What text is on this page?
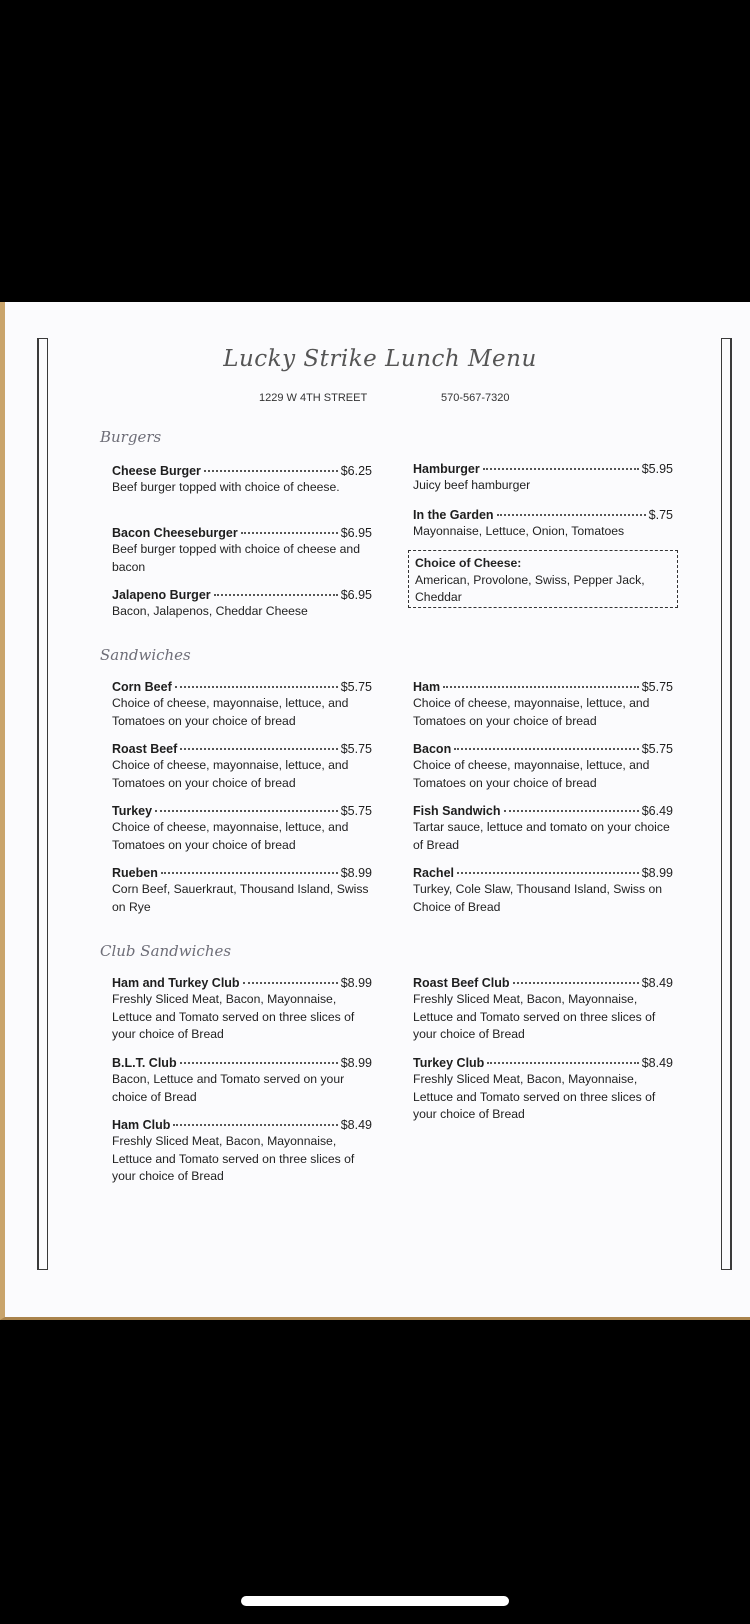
Lucky Strike Lunch Menu
1229 W 4TH STREET	570-567-7320
Burgers
Cheese Burger	$6.25
Beef burger topped with choice of cheese.
Bacon Cheeseburger	$6.95
Beef burger topped with choice of cheese and bacon
Jalapeno Burger	$6.95
Bacon, Jalapenos, Cheddar Cheese
Hamburger	$5.95
Juicy beef hamburger
In the Garden	$.75
Mayonnaise, Lettuce, Onion, Tomatoes
Choice of Cheese:
American, Provolone, Swiss, Pepper Jack, Cheddar
Sandwiches
Corn Beef	$5.75
Choice of cheese, mayonnaise, lettuce, and Tomatoes on your choice of bread
Roast Beef	$5.75
Choice of cheese, mayonnaise, lettuce, and Tomatoes on your choice of bread
Turkey	$5.75
Choice of cheese, mayonnaise, lettuce, and Tomatoes on your choice of bread
Rueben	$8.99
Corn Beef, Sauerkraut, Thousand Island, Swiss on Rye
Ham	$5.75
Choice of cheese, mayonnaise, lettuce, and Tomatoes on your choice of bread
Bacon	$5.75
Choice of cheese, mayonnaise, lettuce, and Tomatoes on your choice of bread
Fish Sandwich	$6.49
Tartar sauce, lettuce and tomato on your choice of Bread
Rachel	$8.99
Turkey, Cole Slaw, Thousand Island, Swiss on Choice of Bread
Club Sandwiches
Ham and Turkey Club	$8.99
Freshly Sliced Meat, Bacon, Mayonnaise, Lettuce and Tomato served on three slices of your choice of Bread
B.L.T. Club	$8.99
Bacon, Lettuce and Tomato served on your choice of Bread
Ham Club	$8.49
Freshly Sliced Meat, Bacon, Mayonnaise, Lettuce and Tomato served on three slices of your choice of Bread
Roast Beef Club	$8.49
Freshly Sliced Meat, Bacon, Mayonnaise, Lettuce and Tomato served on three slices of your choice of Bread
Turkey Club	$8.49
Freshly Sliced Meat, Bacon, Mayonnaise, Lettuce and Tomato served on three slices of your choice of Bread
